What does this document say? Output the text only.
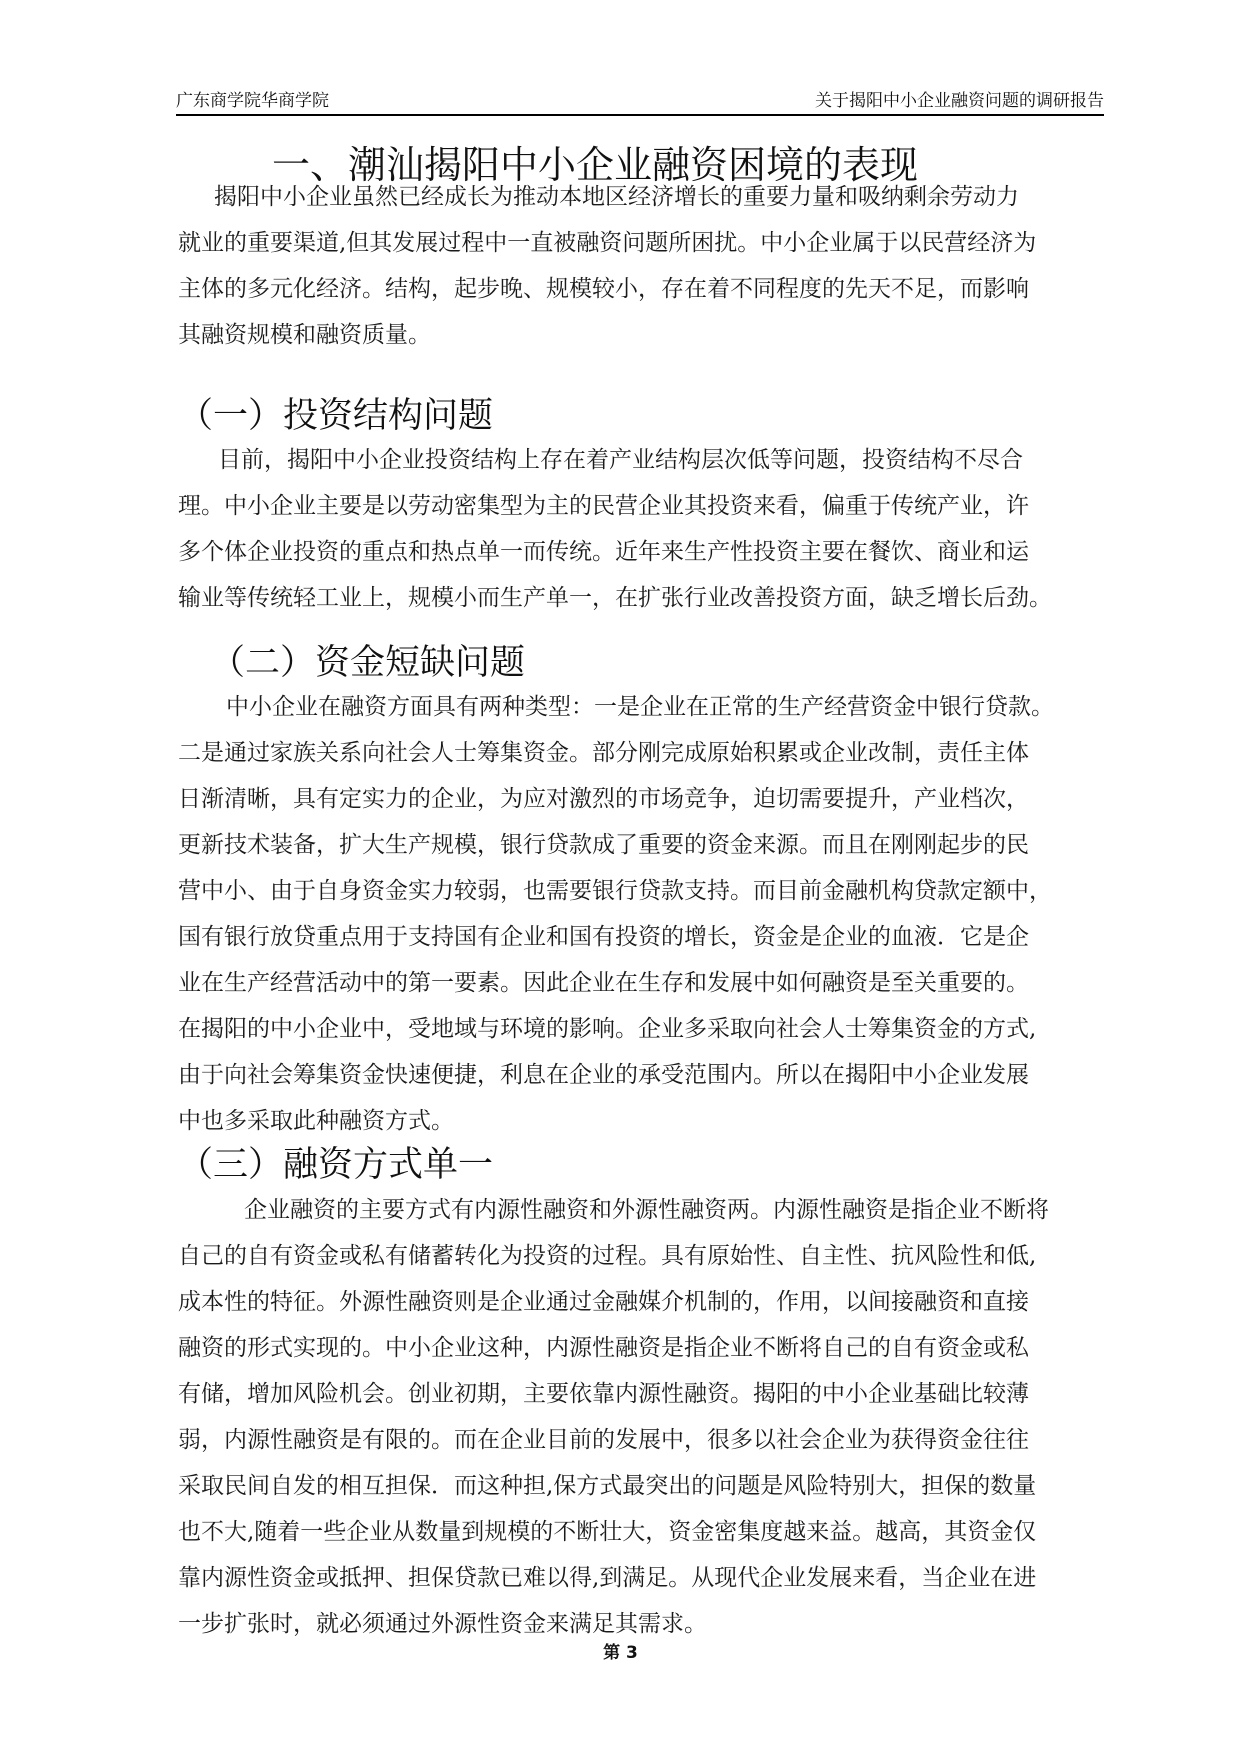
广东商学院华商学院	关于揭阳中小企业融资问题的调研报告
一、潮汕揭阳中小企业融资困境的表现
揭阳中小企业虽然已经成长为推动本地区经济增长的重要力量和吸纳剩余劳动力
就业的重要渠道,但其发展过程中一直被融资问题所困扰。中小企业属于以民营经济为
主体的多元化经济。结构，起步晚、规模较小，存在着不同程度的先天不足，而影响
其融资规模和融资质量。
（一）投资结构问题
目前，揭阳中小企业投资结构上存在着产业结构层次低等问题，投资结构不尽合
理。中小企业主要是以劳动密集型为主的民营企业其投资来看，偏重于传统产业，许
多个体企业投资的重点和热点单一而传统。近年来生产性投资主要在餐饮、商业和运
输业等传统轻工业上，规模小而生产单一，在扩张行业改善投资方面，缺乏增长后劲。
（二）资金短缺问题
中小企业在融资方面具有两种类型：一是企业在正常的生产经营资金中银行贷款。
二是通过家族关系向社会人士筹集资金。部分刚完成原始积累或企业改制，责任主体
日渐清晰，具有定实力的企业，为应对激烈的市场竞争，迫切需要提升，产业档次，
更新技术装备，扩大生产规模，银行贷款成了重要的资金来源。而且在刚刚起步的民
营中小、由于自身资金实力较弱，也需要银行贷款支持。而目前金融机构贷款定额中，
国有银行放贷重点用于支持国有企业和国有投资的增长，资金是企业的血液．它是企
业在生产经营活动中的第一要素。因此企业在生存和发展中如何融资是至关重要的。
在揭阳的中小企业中，受地域与环境的影响。企业多采取向社会人士筹集资金的方式,
由于向社会筹集资金快速便捷，利息在企业的承受范围内。所以在揭阳中小企业发展
中也多采取此种融资方式。
（三）融资方式单一
企业融资的主要方式有内源性融资和外源性融资两。内源性融资是指企业不断将
自己的自有资金或私有储蓄转化为投资的过程。具有原始性、自主性、抗风险性和低,
成本性的特征。外源性融资则是企业通过金融媒介机制的，作用，以间接融资和直接
融资的形式实现的。中小企业这种，内源性融资是指企业不断将自己的自有资金或私
有储，增加风险机会。创业初期，主要依靠内源性融资。揭阳的中小企业基础比较薄
弱，内源性融资是有限的。而在企业目前的发展中，很多以社会企业为获得资金往往
采取民间自发的相互担保．而这种担,保方式最突出的问题是风险特别大，担保的数量
也不大,随着一些企业从数量到规模的不断壮大，资金密集度越来益。越高，其资金仅
靠内源性资金或抵押、担保贷款已难以得,到满足。从现代企业发展来看，当企业在进
一步扩张时，就必须通过外源性资金来满足其需求。
第 3
